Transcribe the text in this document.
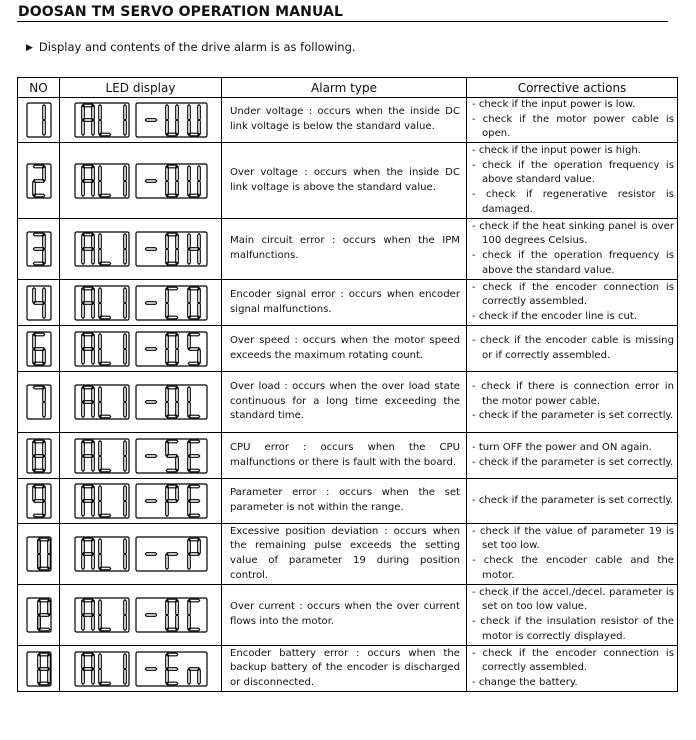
DOOSAN TM SERVO OPERATION MANUAL
▶ Display and contents of the drive alarm is as following.
NO	LED display	Alarm type	Corrective actions

	Under voltage : occurs when the inside DC link voltage is below the standard value.	- check if the input power is low.
- check if the motor power cable is open.

	Over voltage : occurs when the inside DC link voltage is above the standard value.	- check if the input power is high.
- check if the operation frequency is above standard value.
- check if regenerative resistor is damaged.

	Main circuit error : occurs when the IPM malfunctions.	- check if the heat sinking panel is over 100 degrees Celsius.
- check if the operation frequency is above the standard value.

	Encoder signal error : occurs when encoder signal malfunctions.	- check if the encoder connection is correctly assembled.
- check if the encoder line is cut.

	Over speed : occurs when the motor speed exceeds the maximum rotating count.	- check if the encoder cable is missing or if correctly assembled.

	Over load : occurs when the over load state continuous for a long time exceeding the standard time.	- check if there is connection error in the motor power cable.
- check if the parameter is set correctly.

	CPU error : occurs when the CPU malfunctions or there is fault with the board.	- turn OFF the power and ON again.
- check if the parameter is set correctly.

	Parameter error : occurs when the set parameter is not within the range.	- check if the parameter is set correctly.

	Excessive position deviation : occurs when the remaining pulse exceeds the setting value of parameter 19 during position control.	- check if the value of parameter 19 is set too low.
- check the encoder cable and the motor.

	Over current : occurs when the over current flows into the motor.	- check if the accel./decel. parameter is set on too low value.
- check if the insulation resistor of the motor is correctly displayed.

	Encoder battery error : occurs when the backup battery of the encoder is discharged or disconnected.	- check if the encoder connection is correctly assembled.
- change the battery.
